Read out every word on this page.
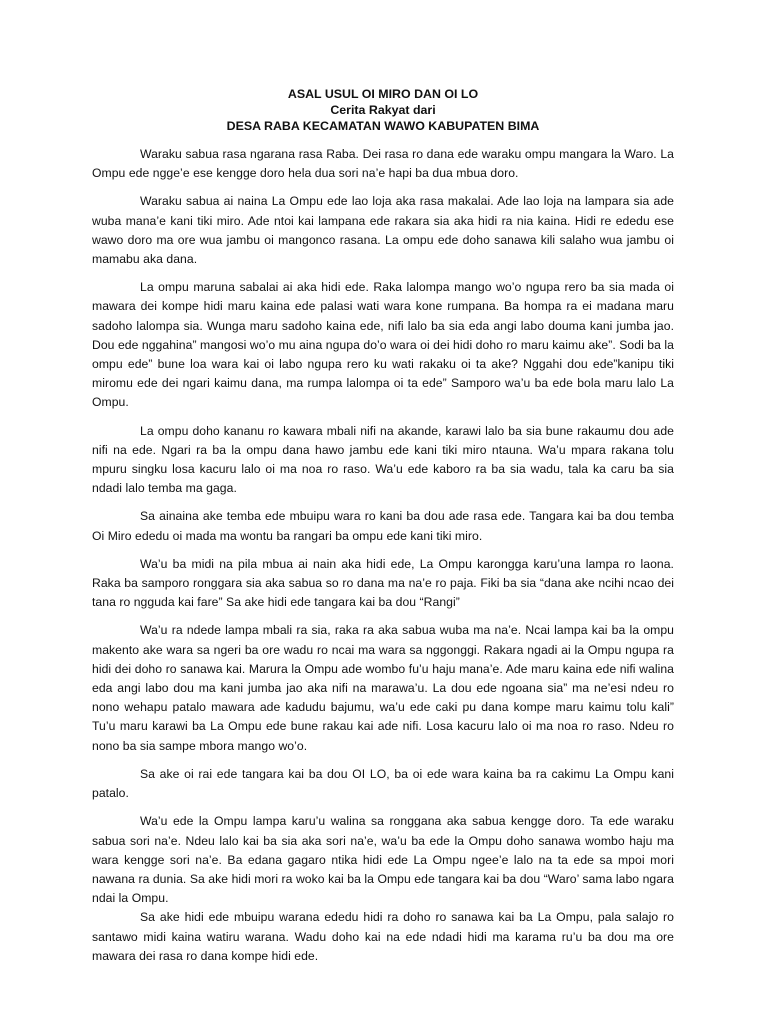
ASAL USUL OI MIRO DAN OI LO
Cerita Rakyat dari
DESA RABA KECAMATAN WAWO KABUPATEN BIMA

Waraku sabua rasa ngarana rasa Raba. Dei rasa ro dana ede waraku ompu mangara la Waro. La Ompu ede ngge’e ese kengge doro hela dua sori na’e hapi ba dua mbua doro.

Waraku sabua ai naina La Ompu ede lao loja aka rasa makalai. Ade lao loja na lampara sia ade wuba mana’e kani tiki miro. Ade ntoi kai lampana ede rakara sia aka hidi ra nia kaina. Hidi re ededu ese wawo doro ma ore wua jambu oi mangonco rasana. La ompu ede doho sanawa kili salaho wua jambu oi mamabu aka dana.

La ompu maruna sabalai ai aka hidi ede. Raka lalompa mango wo’o ngupa rero ba sia mada oi mawara dei kompe hidi maru kaina ede palasi wati wara kone rumpana. Ba hompa ra ei madana maru sadoho lalompa sia. Wunga maru sadoho kaina ede, nifi lalo ba sia eda angi labo douma kani jumba jao. Dou ede nggahina” mangosi wo’o mu aina ngupa do’o wara oi dei hidi doho ro maru kaimu ake”. Sodi ba la ompu ede” bune loa wara kai oi labo ngupa rero ku wati rakaku oi ta ake? Nggahi dou ede”kanipu tiki miromu ede dei ngari kaimu dana, ma rumpa lalompa oi ta ede” Samporo wa’u ba ede bola maru lalo La Ompu.

La ompu doho kananu ro kawara mbali nifi na akande, karawi lalo ba sia bune rakaumu dou ade nifi na ede. Ngari ra ba la ompu dana hawo jambu ede kani tiki miro ntauna. Wa’u mpara rakana tolu mpuru singku losa kacuru lalo oi ma noa ro raso. Wa’u ede kaboro ra ba sia wadu, tala ka caru ba sia ndadi lalo temba ma gaga.

Sa ainaina ake temba ede mbuipu wara ro kani ba dou ade rasa ede. Tangara kai ba dou temba Oi Miro ededu oi mada ma wontu ba rangari ba ompu ede kani tiki miro.

Wa’u ba midi na pila mbua ai nain aka hidi ede, La Ompu karongga karu’una lampa ro laona. Raka ba samporo ronggara sia aka sabua so ro dana ma na’e ro paja. Fiki ba sia “dana ake ncihi ncao dei tana ro ngguda kai fare” Sa ake hidi ede tangara kai ba dou “Rangi”

Wa’u ra ndede lampa mbali ra sia, raka ra aka sabua wuba ma na’e. Ncai lampa kai ba la ompu makento ake wara sa ngeri ba ore wadu ro ncai ma wara sa nggonggi. Rakara ngadi ai la Ompu ngupa ra hidi dei doho ro sanawa kai. Marura la Ompu ade wombo fu’u haju mana’e. Ade maru kaina ede nifi walina eda angi labo dou ma kani jumba jao aka nifi na marawa’u. La dou ede ngoana sia” ma ne’esi ndeu ro nono wehapu patalo mawara ade kadudu bajumu, wa’u ede caki pu dana kompe maru kaimu tolu kali” Tu’u maru karawi ba La Ompu ede bune rakau kai ade nifi. Losa kacuru lalo oi ma noa ro raso. Ndeu ro nono ba sia sampe mbora mango wo’o.

Sa ake oi rai ede tangara kai ba dou OI LO, ba oi ede wara kaina ba ra cakimu La Ompu kani patalo.

Wa’u ede la Ompu lampa karu’u walina sa ronggana aka sabua kengge doro. Ta ede waraku sabua sori na’e. Ndeu lalo kai ba sia aka sori na’e, wa’u ba ede la Ompu doho sanawa wombo haju ma wara kengge sori na’e. Ba edana gagaro ntika hidi ede La Ompu ngee’e lalo na ta ede sa mpoi mori nawana ra dunia. Sa ake hidi mori ra woko kai ba la Ompu ede tangara kai ba dou “Waro’ sama labo ngara ndai la Ompu.

Sa ake hidi ede mbuipu warana ededu hidi ra doho ro sanawa kai ba La Ompu, pala salajo ro santawo midi kaina watiru warana. Wadu doho kai na ede ndadi hidi ma karama ru’u ba dou ma ore mawara dei rasa ro dana kompe hidi ede.
